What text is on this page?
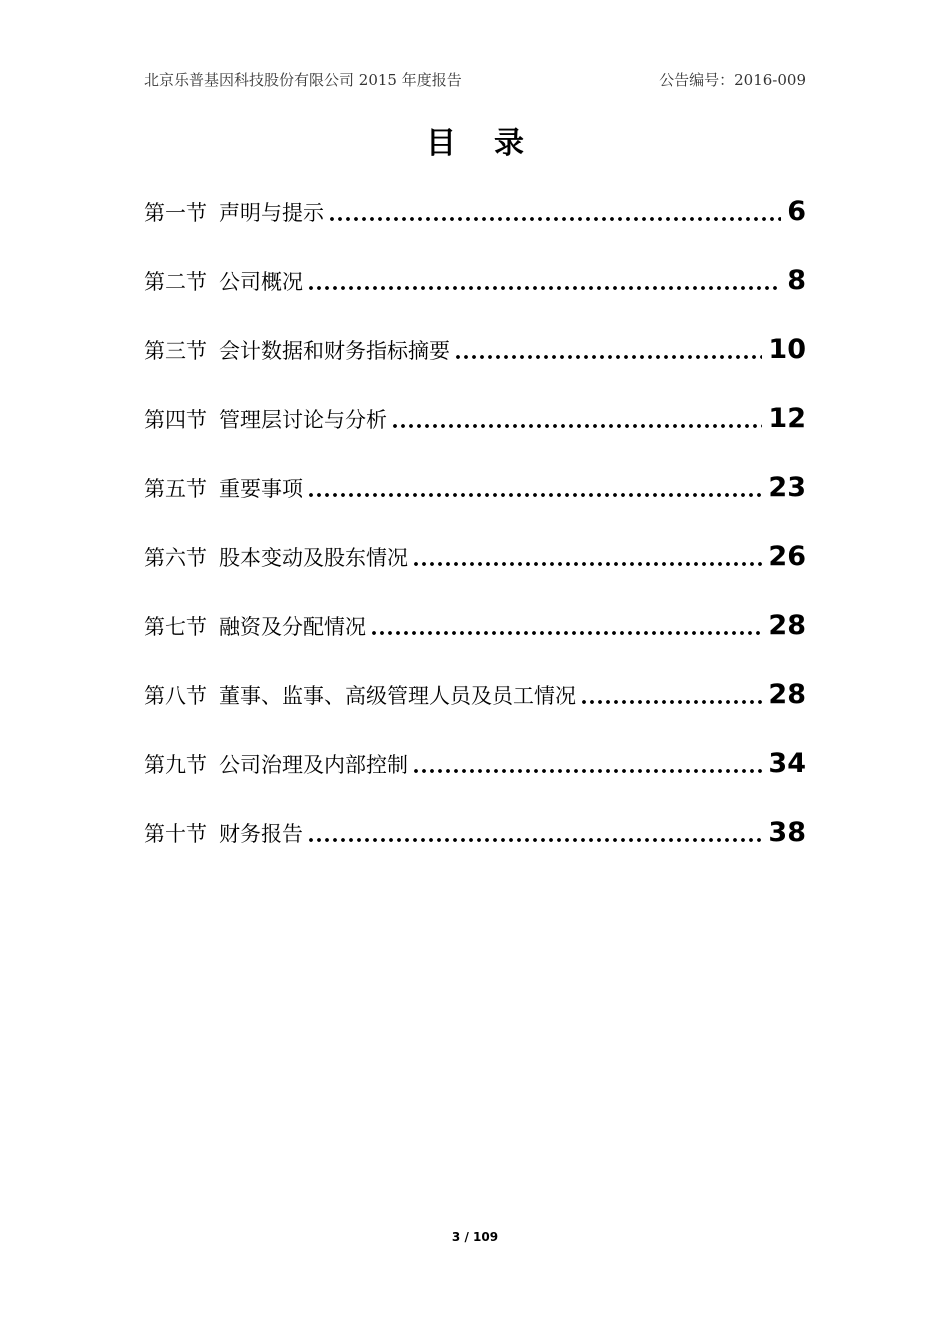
北京乐普基因科技股份有限公司 2015 年度报告	公告编号：2016-009
目录
第一节 声明与提示	6
第二节 公司概况	8
第三节 会计数据和财务指标摘要	10
第四节 管理层讨论与分析	12
第五节 重要事项	23
第六节 股本变动及股东情况	26
第七节 融资及分配情况	28
第八节 董事、监事、高级管理人员及员工情况	28
第九节 公司治理及内部控制	34
第十节 财务报告	38
3 / 109
